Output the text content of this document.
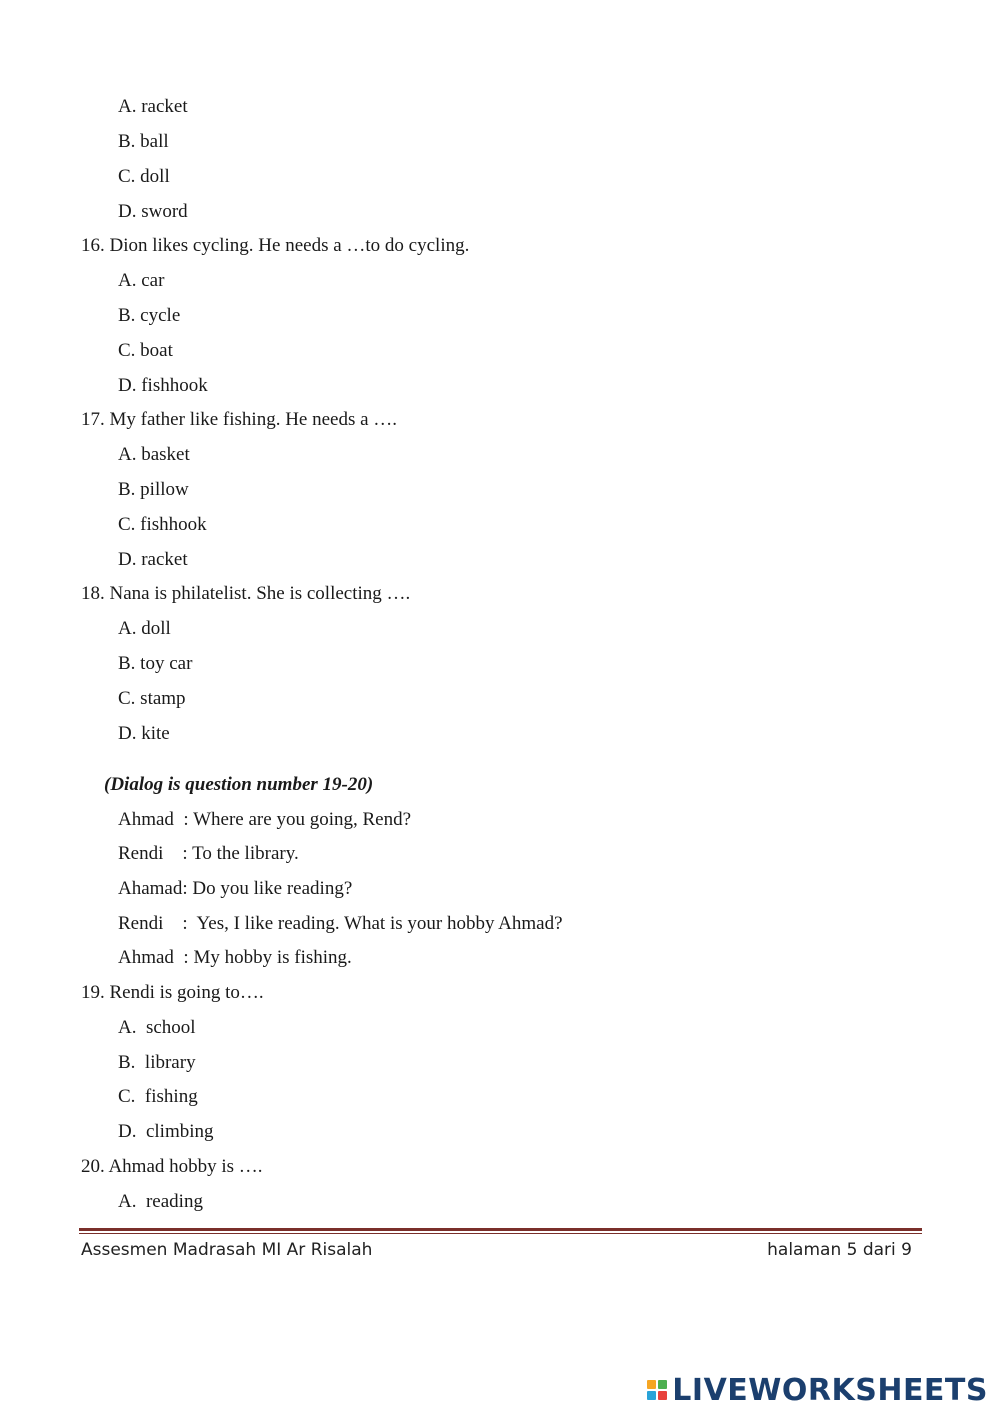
A. racket
B. ball
C. doll
D. sword
16. Dion likes cycling. He needs a …to do cycling.
A. car
B. cycle
C. boat
D. fishhook
17. My father like fishing. He needs a ….
A. basket
B. pillow
C. fishhook
D. racket
18. Nana is philatelist. She is collecting ….
A. doll
B. toy car
C. stamp
D. kite
(Dialog is question number 19-20)
Ahmad  : Where are you going, Rend?
Rendi    : To the library.
Ahamad: Do you like reading?
Rendi    :  Yes, I like reading. What is your hobby Ahmad?
Ahmad  : My hobby is fishing.
19. Rendi is going to….
A.  school
B.  library
C.  fishing
D.  climbing
20. Ahmad hobby is ….
A.  reading
Assesmen Madrasah MI Ar Risalah	halaman 5 dari 9
LIVEWORKSHEETS
